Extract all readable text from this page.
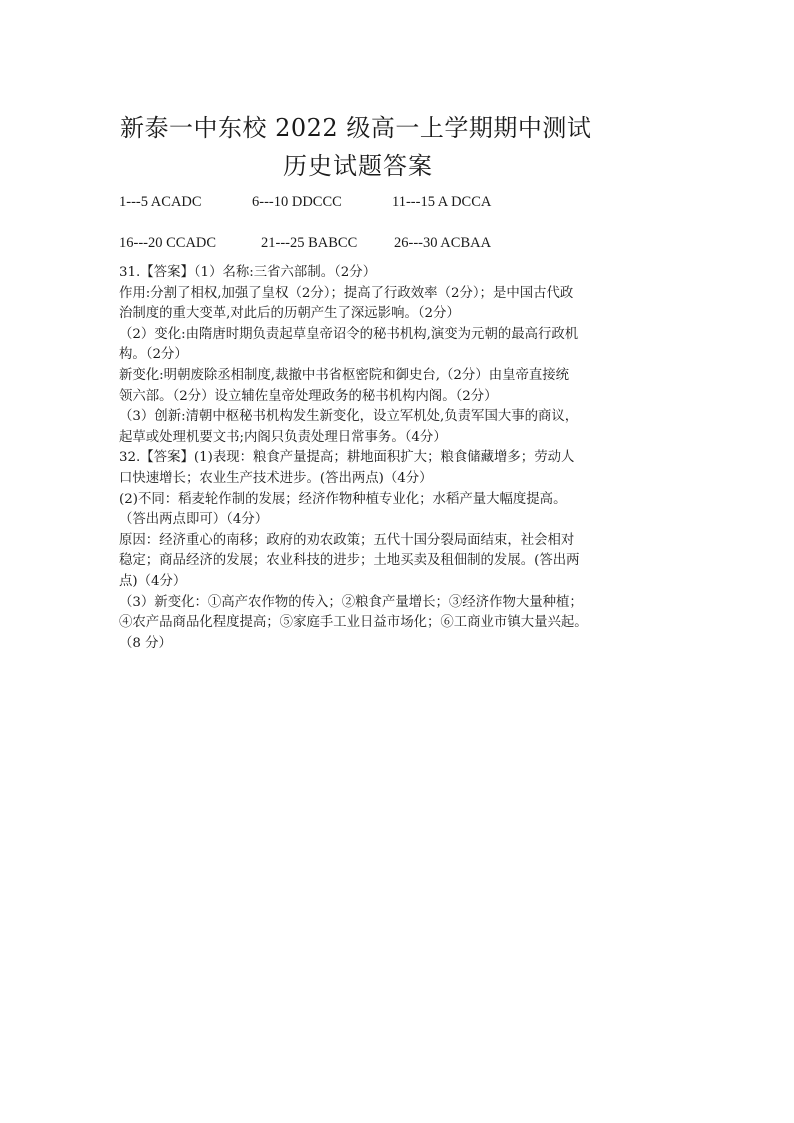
新泰一中东校 2022 级高一上学期期中测试
历史试题答案
1---5 ACADC	6---10 DDCCC	11---15 A DCCA
16---20 CCADC	21---25 BABCC	26---30 ACBAA

31.【答案】（1）名称:三省六部制。（2分）

作用:分割了相权,加强了皇权（2分）；提高了行政效率（2分）；是中国古代政

治制度的重大变革,对此后的历朝产生了深远影响。（2分）

（2）变化:由隋唐时期负责起草皇帝诏令的秘书机构,演变为元朝的最高行政机

构。（2分）

新变化:明朝废除丞相制度,裁撤中书省枢密院和御史台,（2分）由皇帝直接统

领六部。（2分）设立辅佐皇帝处理政务的秘书机构内阁。（2分）

（3）创新:清朝中枢秘书机构发生新变化，设立军机处,负责军国大事的商议，

起草或处理机要文书;内阁只负责处理日常事务。（4分）

32.【答案】(1)表现：粮食产量提高；耕地面积扩大；粮食储藏增多；劳动人

口快速增长；农业生产技术进步。(答出两点)（4分）

(2)不同：稻麦轮作制的发展；经济作物种植专业化；水稻产量大幅度提高。

（答出两点即可）（4分）

原因：经济重心的南移；政府的劝农政策；五代十国分裂局面结束，社会相对

稳定；商品经济的发展；农业科技的进步；土地买卖及租佃制的发展。(答出两

点)（4分）

（3）新变化：①高产农作物的传入；②粮食产量增长；③经济作物大量种植；

④农产品商品化程度提高；⑤家庭手工业日益市场化；⑥工商业市镇大量兴起。

（8 分）
